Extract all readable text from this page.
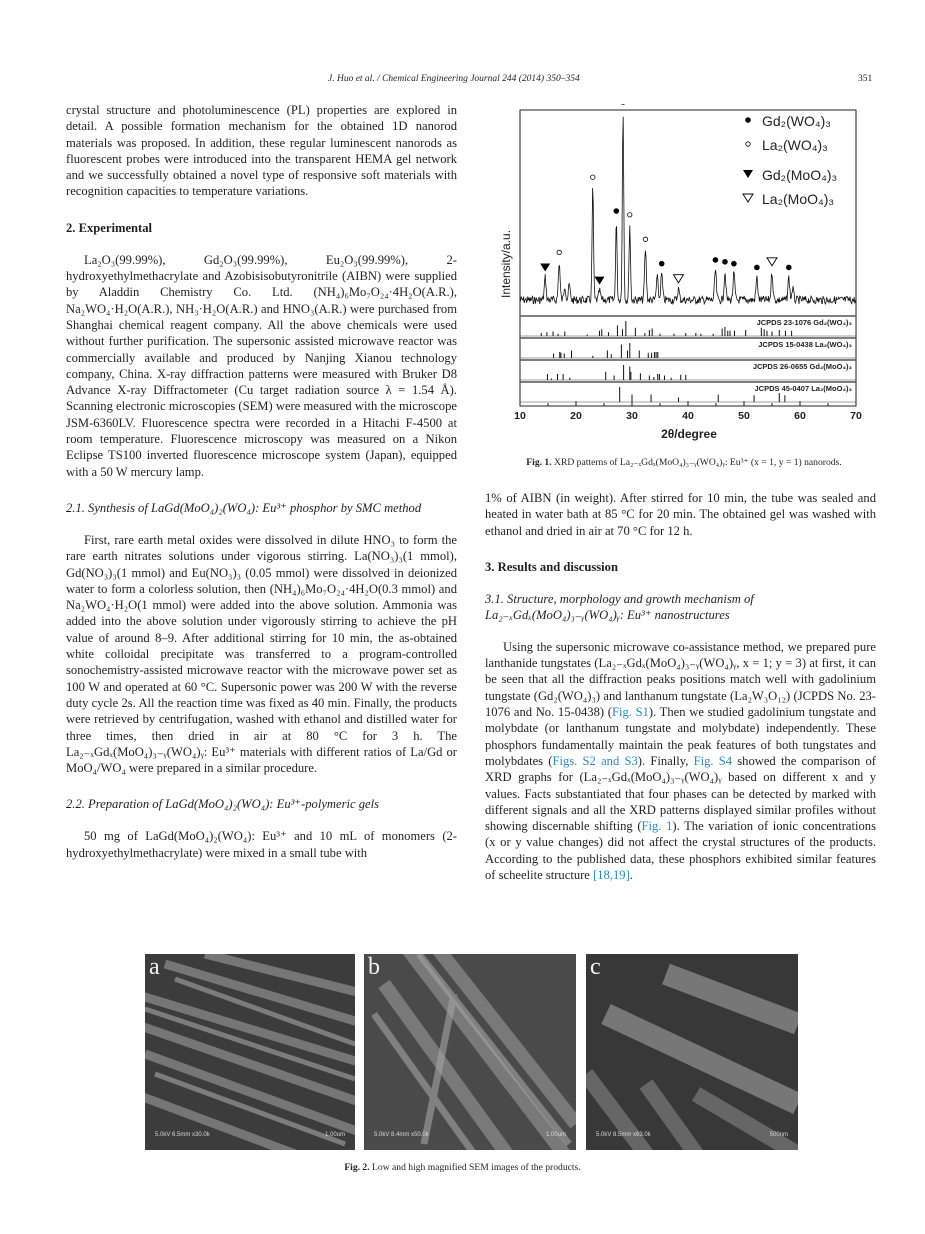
J. Huo et al. / Chemical Engineering Journal 244 (2014) 350–354	351

crystal structure and photoluminescence (PL) properties are explored in detail. A possible formation mechanism for the obtained 1D nanorod materials was proposed. In addition, these regular luminescent nanorods as fluorescent probes were introduced into the transparent HEMA gel network and we successfully obtained a novel type of responsive soft materials with recognition capacities to temperature variations.

2. Experimental

La₂O₃(99.99%), Gd₂O₃(99.99%), Eu₂O₃(99.99%), 2-hydroxyethylmethacrylate and Azobisisobutyronitrile (AIBN) were supplied by Aladdin Chemistry Co. Ltd. (NH₄)₆Mo₇O₂₄·4H₂O(A.R.), Na₂WO₄·H₂O(A.R.), NH₃·H₂O(A.R.) and HNO₃(A.R.) were purchased from Shanghai chemical reagent company. All the above chemicals were used without further purification. The supersonic assisted microwave reactor was commercially available and produced by Nanjing Xianou technology company, China. X-ray diffraction patterns were measured with Bruker D8 Advance X-ray Diffractometer (Cu target radiation source λ = 1.54 Å). Scanning electronic microscopies (SEM) were measured with the microscope JSM-6360LV. Fluorescence spectra were recorded in a Hitachi F-4500 at room temperature. Fluorescence microscopy was measured on a Nikon Eclipse TS100 inverted fluorescence microscope system (Japan), equipped with a 50 W mercury lamp.

2.1. Synthesis of LaGd(MoO₄)₂(WO₄): Eu³⁺ phosphor by SMC method

First, rare earth metal oxides were dissolved in dilute HNO₃ to form the rare earth nitrates solutions under vigorous stirring. La(NO₃)₃(1 mmol), Gd(NO₃)₃(1 mmol) and Eu(NO₃)₃ (0.05 mmol) were dissolved in deionized water to form a colorless solution, then (NH₄)₆Mo₇O₂₄·4H₂O(0.3 mmol) and Na₂WO₄·H₂O(1 mmol) were added into the above solution. Ammonia was added into the above solution under vigorously stirring to achieve the pH value of around 8–9. After additional stirring for 10 min, the as-obtained white colloidal precipitate was transferred to a program-controlled sonochemistry-assisted microwave reactor with the microwave power set as 100 W and operated at 60 °C. Supersonic power was 200 W with the reverse duty cycle 2s. All the reaction time was fixed as 40 min. Finally, the products were retrieved by centrifugation, washed with ethanol and distilled water for three times, then dried in air at 80 °C for 3 h. The La₂₋ₓGdₓ(MoO₄)₃₋ᵧ(WO₄)ᵧ: Eu³⁺ materials with different ratios of La/Gd or MoO₄/WO₄ were prepared in a similar procedure.

2.2. Preparation of LaGd(MoO₄)₂(WO₄): Eu³⁺-polymeric gels

50 mg of LaGd(MoO₄)₂(WO₄): Eu³⁺ and 10 mL of monomers (2-hydroxyethylmethacrylate) were mixed in a small tube with

JCPDS 23-1076 Gd₂(WO₄)₃
JCPDS 15-0438 La₂(WO₄)₃
JCPDS 26-0655 Gd₂(MoO₄)₃
JCPDS 45-0407 La₂(MoO₄)₃
10	20	30	40	50	60	70
Gd₂(WO₄)₃
La₂(WO₄)₃
Gd₂(MoO₄)₃
La₂(MoO₄)₃
Intensity/a.u.
2θ/degree
Fig. 1. XRD patterns of La₂₋ₓGdₓ(MoO₄)₃₋ᵧ(WO₄)ᵧ: Eu³⁺ (x = 1, y = 1) nanorods.

1% of AIBN (in weight). After stirred for 10 min, the tube was sealed and heated in water bath at 85 °C for 20 min. The obtained gel was washed with ethanol and dried in air at 70 °C for 12 h.

3. Results and discussion
3.1. Structure, morphology and growth mechanism of La₂₋ₓGdₓ(MoO₄)₃₋ᵧ(WO₄)ᵧ: Eu³⁺ nanostructures

Using the supersonic microwave co-assistance method, we prepared pure lanthanide tungstates (La₂₋ₓGdₓ(MoO₄)₃₋ᵧ(WO₄)ᵧ, x = 1; y = 3) at first, it can be seen that all the diffraction peaks positions match well with gadolinium tungstate (Gd₂(WO₄)₃) and lanthanum tungstate (La₂W₃O₁₂) (JCPDS No. 23-1076 and No. 15-0438) (Fig. S1). Then we studied gadolinium tungstate and molybdate (or lanthanum tungstate and molybdate) independently. These phosphors fundamentally maintain the peak features of both tungstates and molybdates (Figs. S2 and S3). Finally, Fig. S4 showed the comparison of XRD graphs for (La₂₋ₓGdₓ(MoO₄)₃₋ᵧ(WO₄)ᵧ based on different x and y values. Facts substantiated that four phases can be detected by marked with different signals and all the XRD patterns displayed similar profiles without showing discernable shifting (Fig. 1). The variation of ionic concentrations (x or y value changes) did not affect the crystal structures of the products. According to the published data, these phosphors exhibited similar features of scheelite structure [18,19].

a
5.0kV 6.5mm x30.0k	1.00um
b
5.0kV 8.4mm x50.0k	1.00um
c
5.0kV 8.5mm x63.0k	500nm
Fig. 2. Low and high magnified SEM images of the products.
